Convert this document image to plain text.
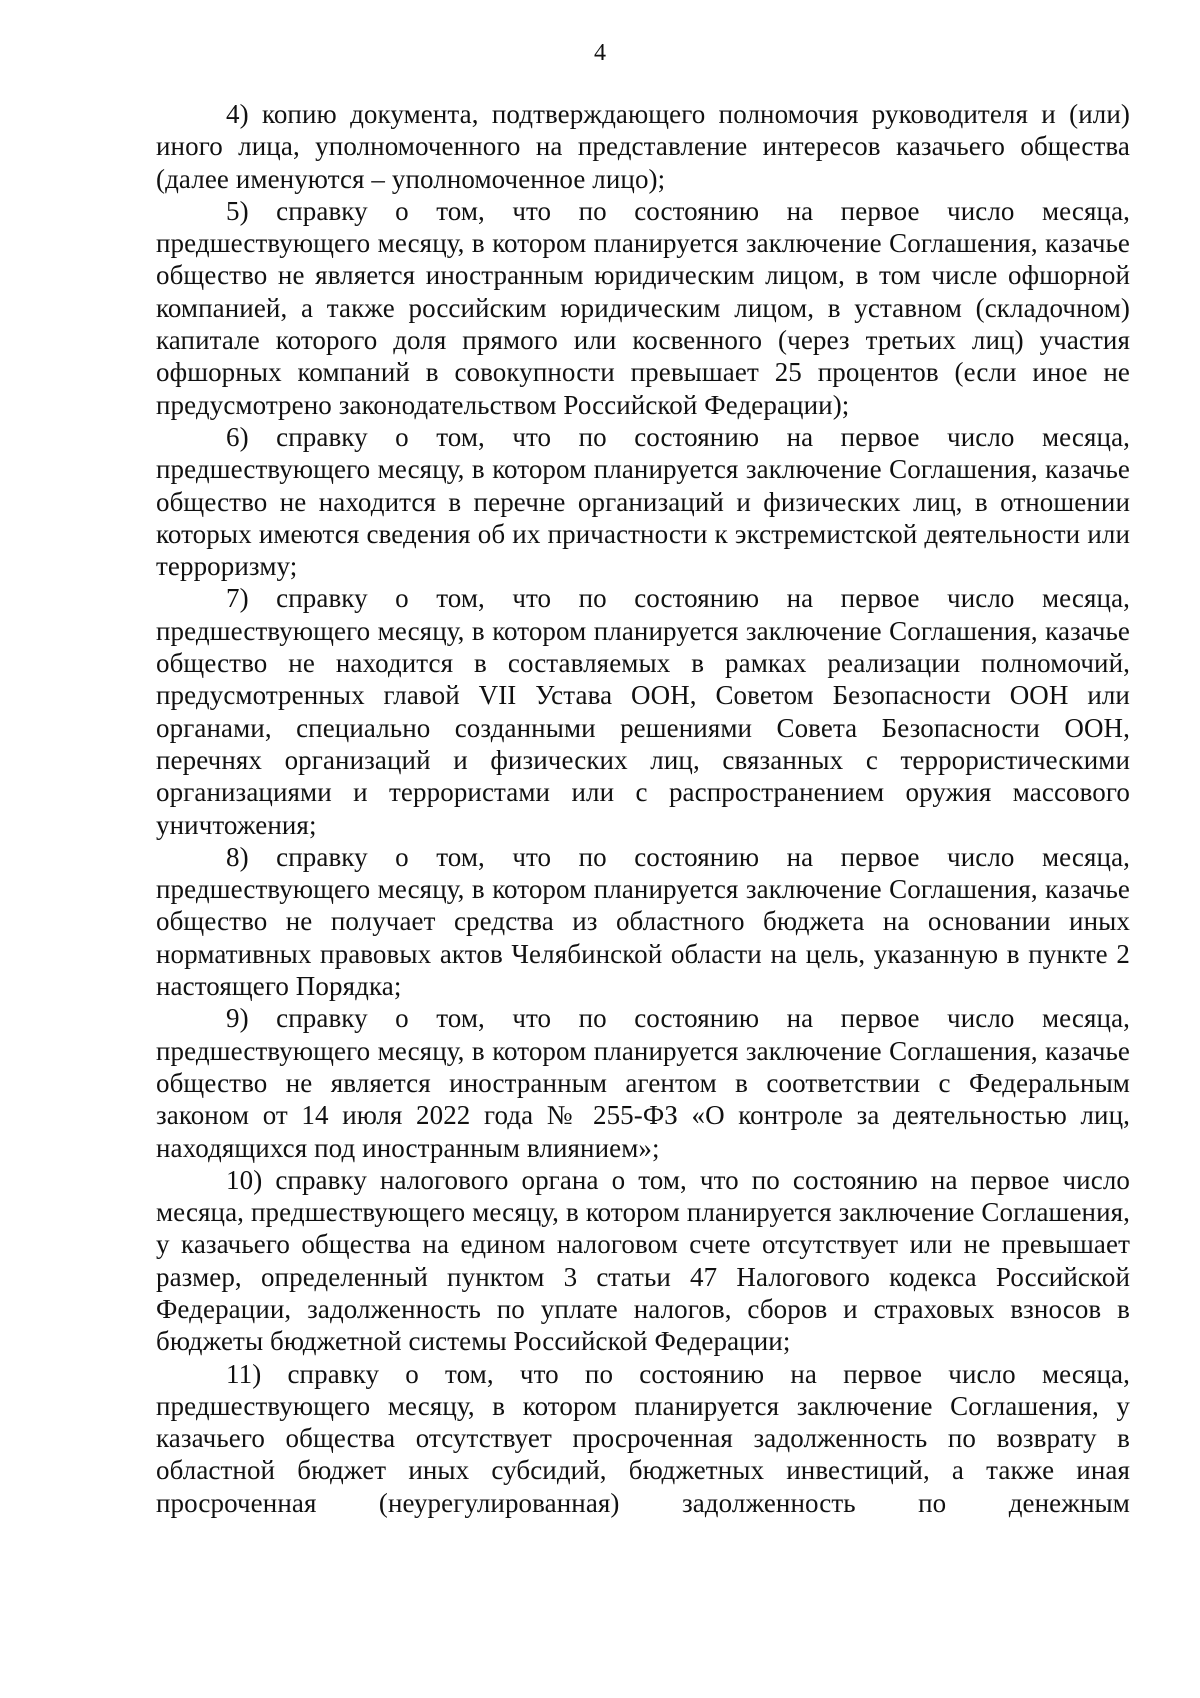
4

4) копию документа, подтверждающего полномочия руководителя и (или) иного лица, уполномоченного на представление интересов казачьего общества (далее именуются – уполномоченное лицо);

5) справку о том, что по состоянию на первое число месяца, предшествующего месяцу, в котором планируется заключение Соглашения, казачье общество не является иностранным юридическим лицом, в том числе офшорной компанией, а также российским юридическим лицом, в уставном (складочном) капитале которого доля прямого или косвенного (через третьих лиц) участия офшорных компаний в совокупности превышает 25 процентов (если иное не предусмотрено законодательством Российской Федерации);

6) справку о том, что по состоянию на первое число месяца, предшествующего месяцу, в котором планируется заключение Соглашения, казачье общество не находится в перечне организаций и физических лиц, в отношении которых имеются сведения об их причастности к экстремистской деятельности или терроризму;

7) справку о том, что по состоянию на первое число месяца, предшествующего месяцу, в котором планируется заключение Соглашения, казачье общество не находится в составляемых в рамках реализации полномочий, предусмотренных главой VII Устава ООН, Советом Безопасности ООН или органами, специально созданными решениями Совета Безопасности ООН, перечнях организаций и физических лиц, связанных с террористическими организациями и террористами или с распространением оружия массового уничтожения;

8) справку о том, что по состоянию на первое число месяца, предшествующего месяцу, в котором планируется заключение Соглашения, казачье общество не получает средства из областного бюджета на основании иных нормативных правовых актов Челябинской области на цель, указанную в пункте 2 настоящего Порядка;

9) справку о том, что по состоянию на первое число месяца, предшествующего месяцу, в котором планируется заключение Соглашения, казачье общество не является иностранным агентом в соответствии с Федеральным законом от 14 июля 2022 года № 255-ФЗ «О контроле за деятельностью лиц, находящихся под иностранным влиянием»;

10) справку налогового органа о том, что по состоянию на первое число месяца, предшествующего месяцу, в котором планируется заключение Соглашения, у казачьего общества на едином налоговом счете отсутствует или не превышает размер, определенный пунктом 3 статьи 47 Налогового кодекса Российской Федерации, задолженность по уплате налогов, сборов и страховых взносов в бюджеты бюджетной системы Российской Федерации;

11) справку о том, что по состоянию на первое число месяца, предшествующего месяцу, в котором планируется заключение Соглашения, у казачьего общества отсутствует просроченная задолженность по возврату в областной бюджет иных субсидий, бюджетных инвестиций, а также иная просроченная (неурегулированная) задолженность по денежным
